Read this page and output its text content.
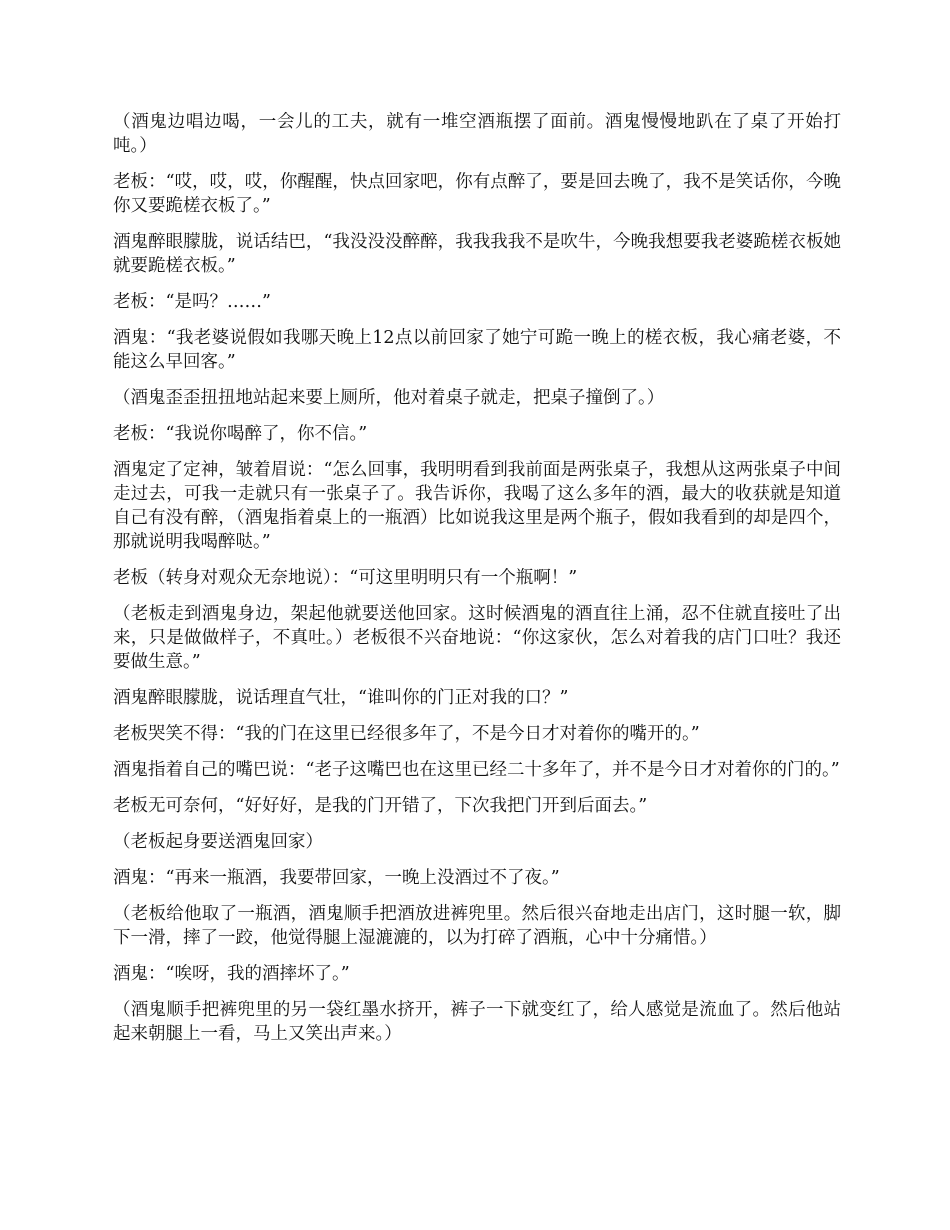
（酒鬼边唱边喝，一会儿的工夫，就有一堆空酒瓶摆了面前。酒鬼慢慢地趴在了桌了开始打吨。）

老板：“哎，哎，哎，你醒醒，快点回家吧，你有点醉了，要是回去晚了，我不是笑话你，今晚你又要跪槎衣板了。”

酒鬼醉眼朦胧，说话结巴，“我没没没醉醉，我我我我不是吹牛，今晚我想要我老婆跪槎衣板她就要跪槎衣板。”

老板：“是吗？……”

酒鬼：“我老婆说假如我哪天晚上12点以前回家了她宁可跪一晚上的槎衣板，我心痛老婆，不能这么早回客。”

（酒鬼歪歪扭扭地站起来要上厕所，他对着桌子就走，把桌子撞倒了。）

老板：“我说你喝醉了，你不信。”

酒鬼定了定神，皱着眉说：“怎么回事，我明明看到我前面是两张桌子，我想从这两张桌子中间走过去，可我一走就只有一张桌子了。我告诉你，我喝了这么多年的酒，最大的收获就是知道自己有没有醉，（酒鬼指着桌上的一瓶酒）比如说我这里是两个瓶子，假如我看到的却是四个，那就说明我喝醉哒。”

老板（转身对观众无奈地说）：“可这里明明只有一个瓶啊！”

（老板走到酒鬼身边，架起他就要送他回家。这时候酒鬼的酒直往上涌，忍不住就直接吐了出来，只是做做样子，不真吐。）老板很不兴奋地说：“你这家伙，怎么对着我的店门口吐？我还要做生意。”

酒鬼醉眼朦胧，说话理直气壮，“谁叫你的门正对我的口？”

老板哭笑不得：“我的门在这里已经很多年了，不是今日才对着你的嘴开的。”

酒鬼指着自己的嘴巴说：“老子这嘴巴也在这里已经二十多年了，并不是今日才对着你的门的。”

老板无可奈何，“好好好，是我的门开错了，下次我把门开到后面去。”

（老板起身要送酒鬼回家）

酒鬼：“再来一瓶酒，我要带回家，一晚上没酒过不了夜。”

（老板给他取了一瓶酒，酒鬼顺手把酒放进裤兜里。然后很兴奋地走出店门，这时腿一软，脚下一滑，摔了一跤，他觉得腿上湿漉漉的，以为打碎了酒瓶，心中十分痛惜。）

酒鬼：“唉呀，我的酒摔坏了。”

（酒鬼顺手把裤兜里的另一袋红墨水挤开，裤子一下就变红了，给人感觉是流血了。然后他站起来朝腿上一看，马上又笑出声来。）
